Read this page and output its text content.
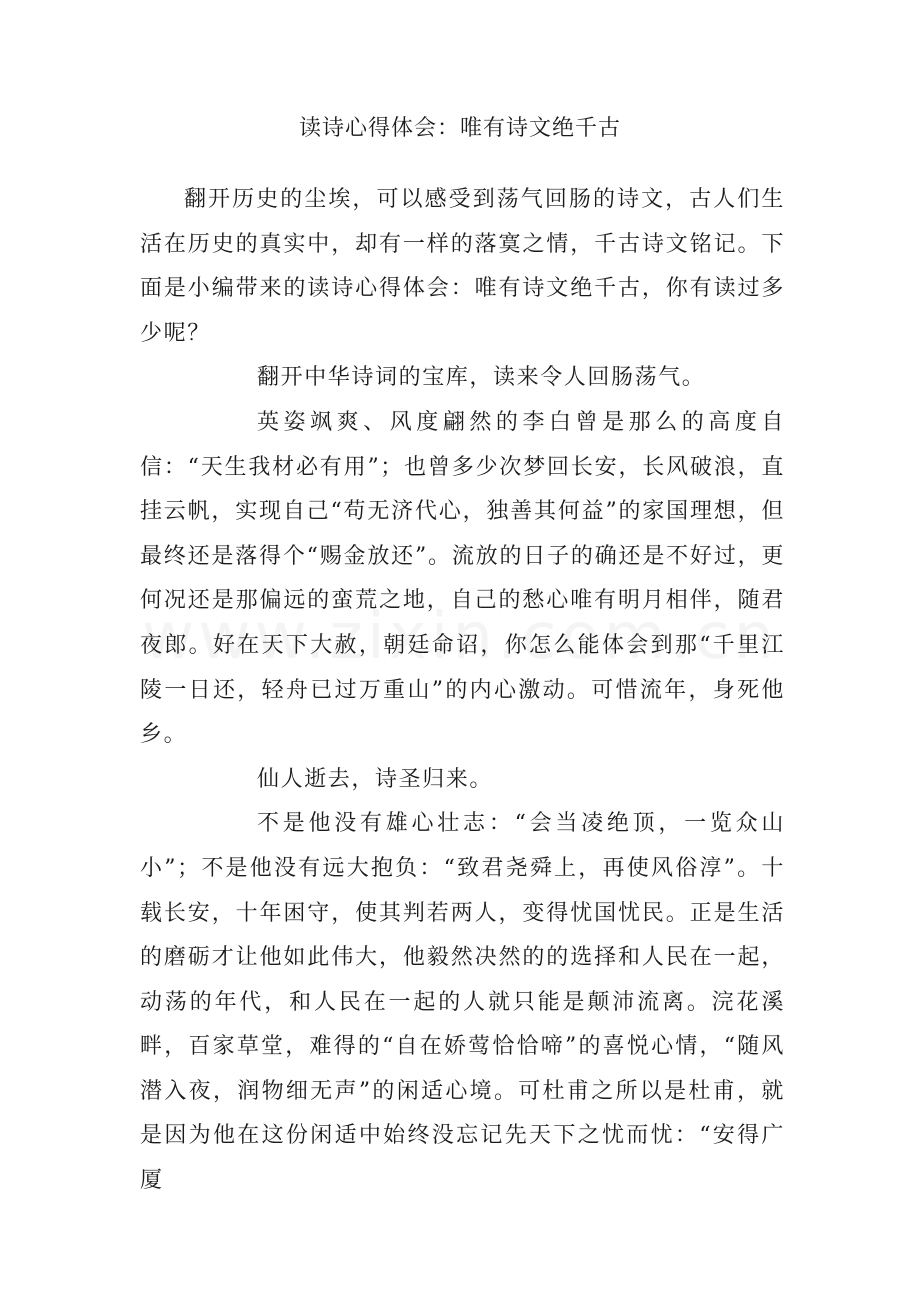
读诗心得体会：唯有诗文绝千古

翻开历史的尘埃，可以感受到荡气回肠的诗文，古人们生活在历史的真实中，却有一样的落寞之情，千古诗文铭记。下面是小编带来的读诗心得体会：唯有诗文绝千古，你有读过多少呢？

翻开中华诗词的宝库，读来令人回肠荡气。

英姿飒爽、风度翩然的李白曾是那么的高度自信：“天生我材必有用”；也曾多少次梦回长安，长风破浪，直挂云帆，实现自己“苟无济代心，独善其何益”的家国理想，但最终还是落得个“赐金放还”。流放的日子的确还是不好过，更何况还是那偏远的蛮荒之地，自己的愁心唯有明月相伴，随君夜郎。好在天下大赦，朝廷命诏，你怎么能体会到那“千里江陵一日还，轻舟已过万重山”的内心激动。可惜流年，身死他乡。

仙人逝去，诗圣归来。

不是他没有雄心壮志：“会当凌绝顶，一览众山小”；不是他没有远大抱负：“致君尧舜上，再使风俗淳”。十载长安，十年困守，使其判若两人，变得忧国忧民。正是生活的磨砺才让他如此伟大，他毅然决然的的选择和人民在一起，动荡的年代，和人民在一起的人就只能是颠沛流离。浣花溪畔，百家草堂，难得的“自在娇莺恰恰啼”的喜悦心情，“随风潜入夜，润物细无声”的闲适心境。可杜甫之所以是杜甫，就是因为他在这份闲适中始终没忘记先天下之忧而忧：“安得广厦
